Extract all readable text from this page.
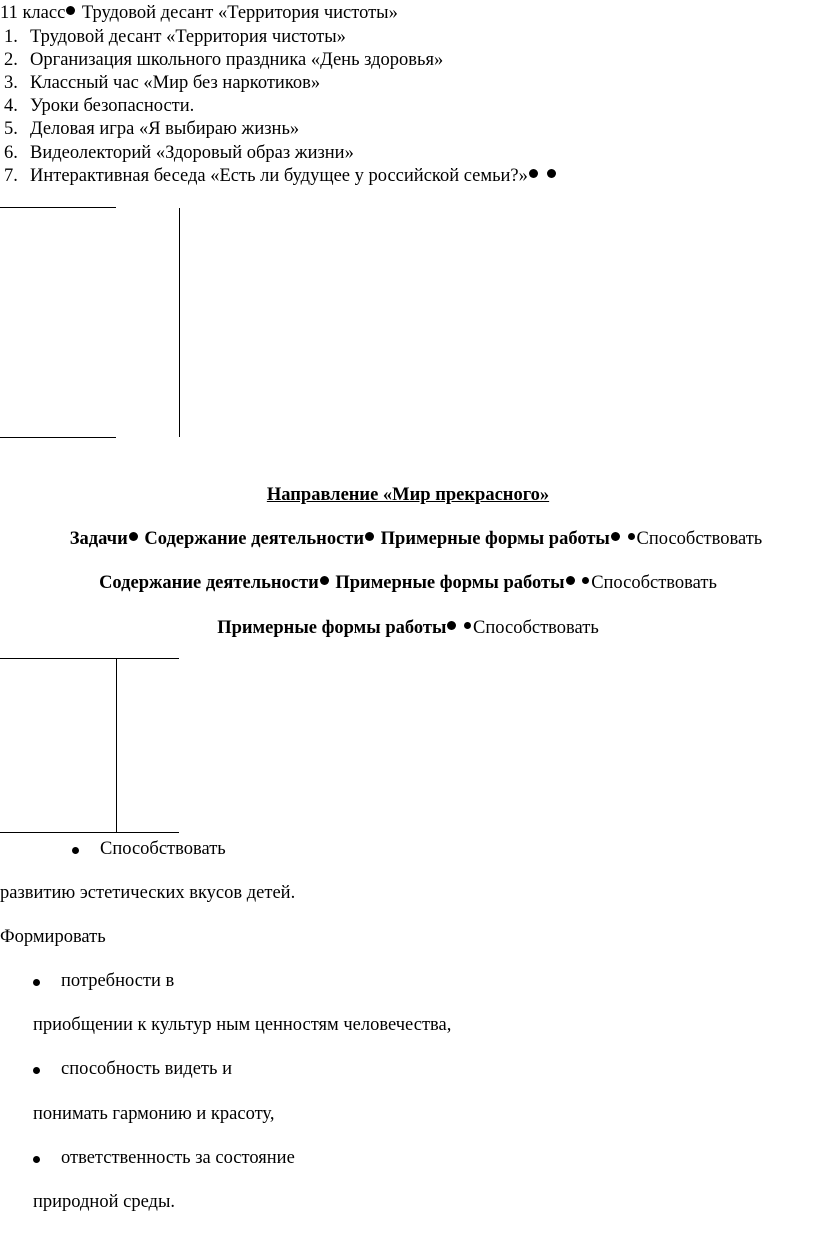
11 класс Трудовой десант «Территория чистоты»
1. Трудовой десант «Территория чистоты»
2. Организация школьного праздника «День здоровья»
3. Классный час «Мир без наркотиков»
4. Уроки безопасности.
5. Деловая игра «Я выбираю жизнь»
6. Видеолекторий «Здоровый образ жизни»
7. Интерактивная беседа «Есть ли будущее у российской семьи?»
Направление «Мир прекрасного»
Задачи Содержание деятельности Примерные формы работы Способствовать
Содержание деятельности Примерные формы работы Способствовать
Примерные формы работы Способствовать
Способствовать
развитию эстетических вкусов детей.
Формировать
потребности в
приобщении к культур ным ценностям человечества,
способность видеть и
понимать гармонию и красоту,
ответственность за состояние
природной среды.
